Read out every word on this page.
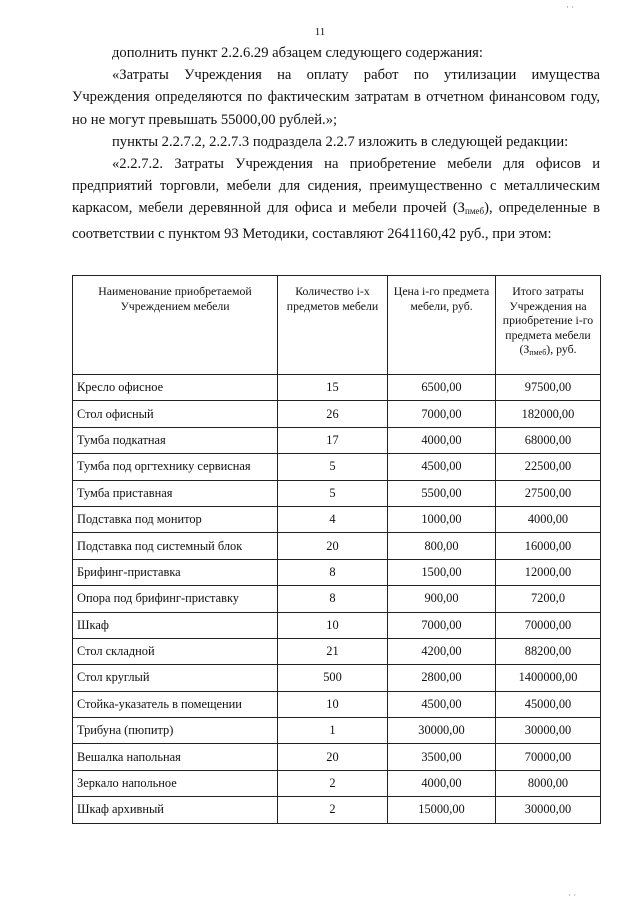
11
· ·
· ·

дополнить пункт 2.2.6.29 абзацем следующего содержания:

«Затраты Учреждения на оплату работ по утилизации имущества Учреждения определяются по фактическим затратам в отчетном финансовом году, но не могут превышать 55000,00 рублей.»;

пункты 2.2.7.2, 2.2.7.3 подраздела 2.2.7 изложить в следующей редакции:

«2.2.7.2. Затраты Учреждения на приобретение мебели для офисов и предприятий торговли, мебели для сидения, преимущественно с металлическим каркасом, мебели деревянной для офиса и мебели прочей $(З_{пмеб})$, определенные в соответствии с пунктом 93 Методики, составляют 2641160,42 руб., при этом:

Наименование приобретаемой Учреждением мебели	Количество i-х предметов мебели	Цена i-го предмета мебели, руб.	Итого затраты Учреждения на приобретение i-го предмета мебели (Зпмеб), руб.
Кресло офисное	15	6500,00	97500,00
Стол офисный	26	7000,00	182000,00
Тумба подкатная	17	4000,00	68000,00
Тумба под оргтехнику сервисная	5	4500,00	22500,00
Тумба приставная	5	5500,00	27500,00
Подставка под монитор	4	1000,00	4000,00
Подставка под системный блок	20	800,00	16000,00
Брифинг-приставка	8	1500,00	12000,00
Опора под брифинг-приставку	8	900,00	7200,0
Шкаф	10	7000,00	70000,00
Стол складной	21	4200,00	88200,00
Стол круглый	500	2800,00	1400000,00
Стойка-указатель в помещении	10	4500,00	45000,00
Трибуна (пюпитр)	1	30000,00	30000,00
Вешалка напольная	20	3500,00	70000,00
Зеркало напольное	2	4000,00	8000,00
Шкаф архивный	2	15000,00	30000,00
